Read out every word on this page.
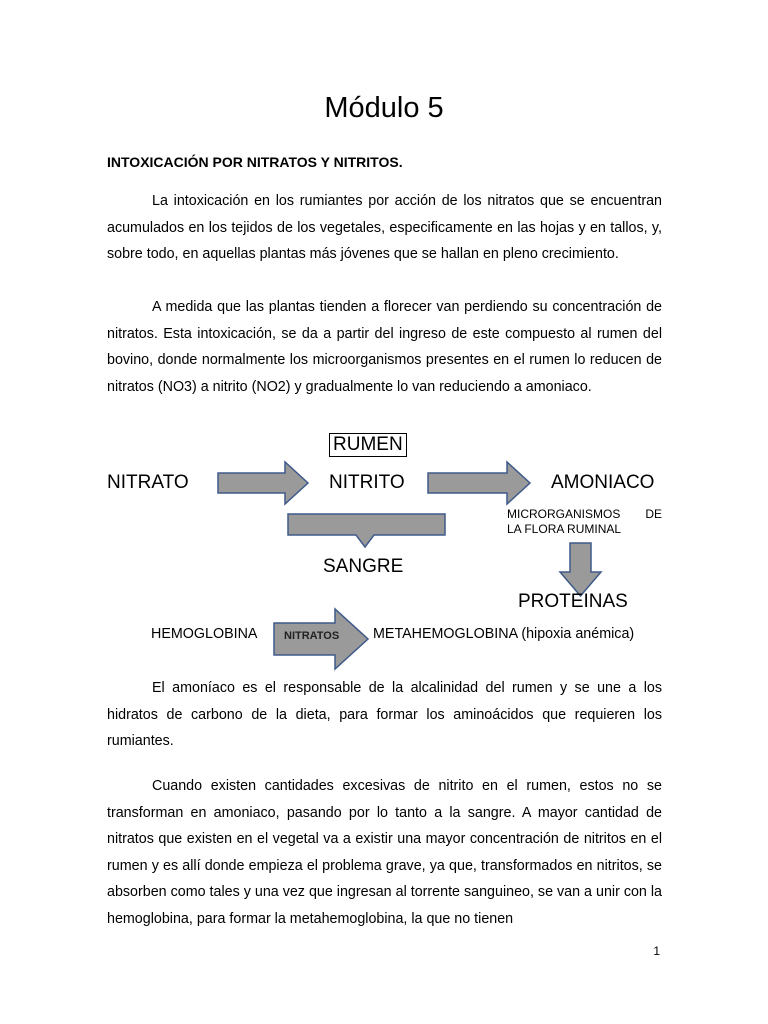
Módulo 5
INTOXICACIÓN POR NITRATOS Y NITRITOS.

La intoxicación en los rumiantes por acción de los nitratos que se encuentran acumulados en los tejidos de los vegetales, especificamente en las hojas y en tallos, y, sobre todo, en aquellas plantas más jóvenes que se hallan en pleno crecimiento.

A medida que las plantas tienden a florecer van perdiendo su concentración de nitratos. Esta intoxicación, se da a partir del ingreso de este compuesto al rumen del bovino, donde normalmente los microorganismos presentes en el rumen lo reducen de nitratos (NO3) a nitrito (NO2) y gradualmente lo van reduciendo a amoniaco.

RUMEN
NITRATO	NITRITO	AMONIACO
MICRORGANISMOS DE
LA FLORA RUMINAL
SANGRE
PROTEINAS
HEMOGLOBINA NITRATOS METAHEMOGLOBINA (hipoxia anémica)

El amoníaco es el responsable de la alcalinidad del rumen y se une a los hidratos de carbono de la dieta, para formar los aminoácidos que requieren los rumiantes.

Cuando existen cantidades excesivas de nitrito en el rumen, estos no se transforman en amoniaco, pasando por lo tanto a la sangre. A mayor cantidad de nitratos que existen en el vegetal va a existir una mayor concentración de nitritos en el rumen y es allí donde empieza el problema grave, ya que, transformados en nitritos, se absorben como tales y una vez que ingresan al torrente sanguineo, se van a unir con la hemoglobina, para formar la metahemoglobina, la que no tienen

1
